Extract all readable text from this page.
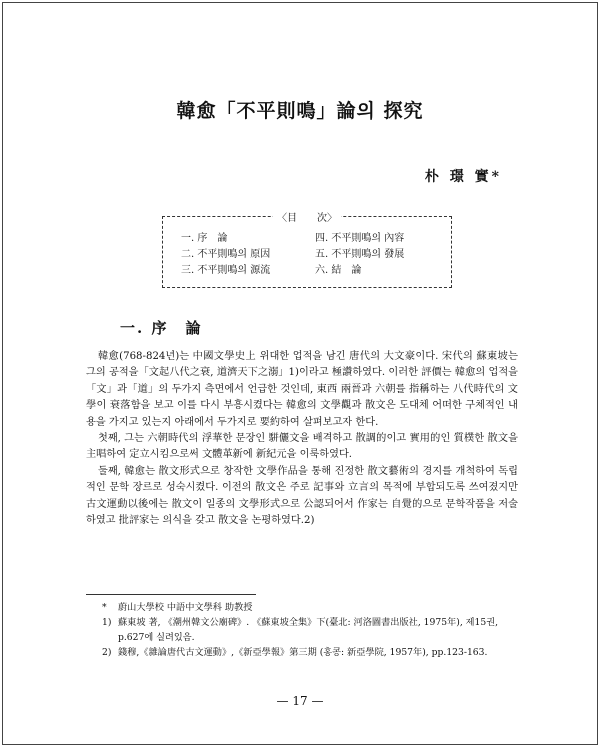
韓愈「不平則鳴」論의 探究
朴 璟 實*
〈目　　次〉
一. 序　論
二. 不平則鳴의 原因
三. 不平則鳴의 源流
四. 不平則鳴의 內容
五. 不平則鳴의 發展
六. 結　論
一. 序　論

韓愈(768-824년)는 中國文學史上 위대한 업적을 남긴 唐代의 大文豪이다. 宋代의 蘇東坡는 그의 공적을「文起八代之衰, 道濟天下之溺」1)이라고 極讚하였다. 이러한 評價는 韓愈의 업적을「文」과「道」의 두가지 측면에서 언급한 것인데, 東西 兩晉과 六朝를 指稱하는 八代時代의 文學이 衰落함을 보고 이를 다시 부흥시켰다는 韓愈의 文學觀과 散文은 도대체 어떠한 구체적인 내용을 가지고 있는지 아래에서 두가지로 要約하여 살펴보고자 한다.

첫째, 그는 六朝時代의 浮華한 문장인 駢儷文을 배격하고 散調的이고 實用的인 質樸한 散文을 主唱하여 定立시킴으로써 文體革新에 新紀元을 이룩하였다.

둘째, 韓愈는 散文形式으로 창작한 文學作品을 통해 진정한 散文藝術의 경지를 개척하여 독립적인 문학 장르로 성숙시켰다. 이전의 散文은 주로 記事와 立言의 목적에 부합되도록 쓰여졌지만 古文運動以後에는 散文이 일종의 文學形式으로 公認되어서 作家는 自覺的으로 문학작품을 저술하였고 批評家는 의식을 갖고 散文을 논평하였다.2)

* 蔚山大學校 中語中文學科 助教授
1) 蘇東坡 著, 《潮州韓文公廟碑》. 《蘇東坡全集》下(臺北: 河洛圖書出版社, 1975年), 제15권, p.627에 실려있음.
2) 錢穆,《雜論唐代古文運動》,《新亞學報》第三期 (홍콩: 新亞學院, 1957年), pp.123-163.
— 17 —
